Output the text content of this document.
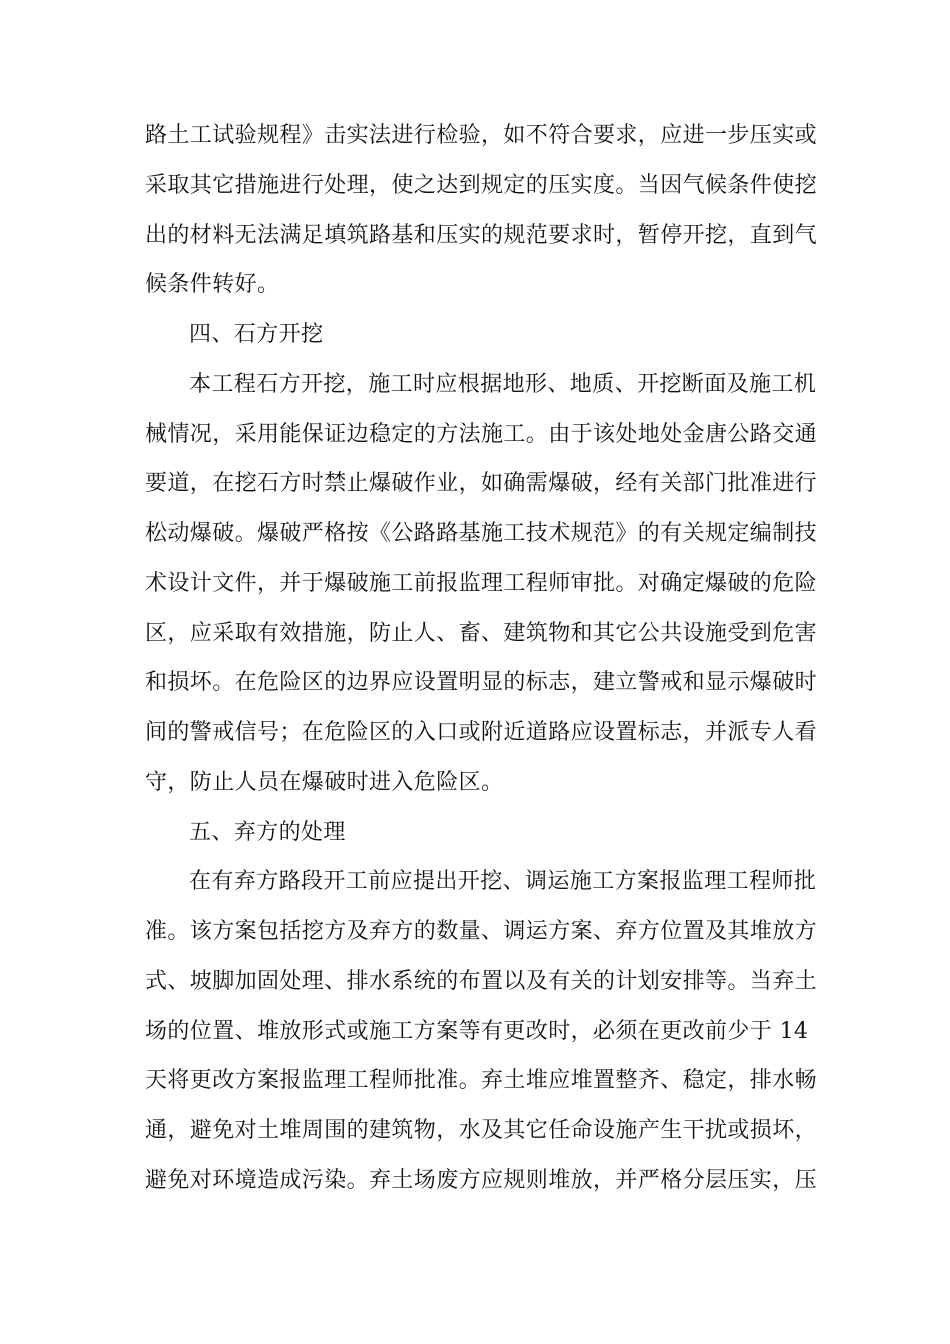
路土工试验规程》击实法进行检验，如不符合要求，应进一步压实或
采取其它措施进行处理，使之达到规定的压实度。当因气候条件使挖
出的材料无法满足填筑路基和压实的规范要求时，暂停开挖，直到气
候条件转好。
四、石方开挖
本工程石方开挖，施工时应根据地形、地质、开挖断面及施工机
械情况，采用能保证边稳定的方法施工。由于该处地处金唐公路交通
要道，在挖石方时禁止爆破作业，如确需爆破，经有关部门批准进行
松动爆破。爆破严格按《公路路基施工技术规范》的有关规定编制技
术设计文件，并于爆破施工前报监理工程师审批。对确定爆破的危险
区，应采取有效措施，防止人、畜、建筑物和其它公共设施受到危害
和损坏。在危险区的边界应设置明显的标志，建立警戒和显示爆破时
间的警戒信号；在危险区的入口或附近道路应设置标志，并派专人看
守，防止人员在爆破时进入危险区。
五、弃方的处理
在有弃方路段开工前应提出开挖、调运施工方案报监理工程师批
准。该方案包括挖方及弃方的数量、调运方案、弃方位置及其堆放方
式、坡脚加固处理、排水系统的布置以及有关的计划安排等。当弃土
场的位置、堆放形式或施工方案等有更改时，必须在更改前少于 14
天将更改方案报监理工程师批准。弃土堆应堆置整齐、稳定，排水畅
通，避免对土堆周围的建筑物，水及其它任命设施产生干扰或损坏，
避免对环境造成污染。弃土场废方应规则堆放，并严格分层压实，压
